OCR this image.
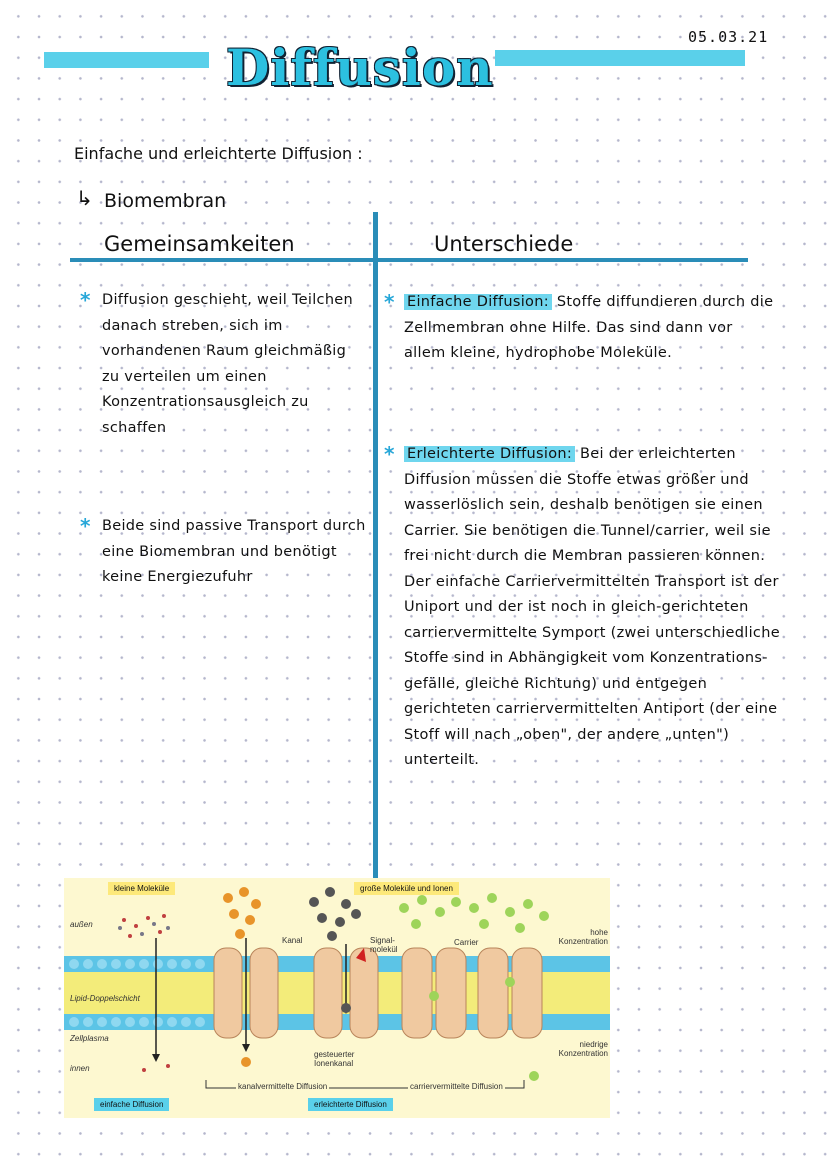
Diffusion
05.03.21
Einfache und erleichterte Diffusion :
↳ Biomembran
Gemeinsamkeiten	Unterschiede
* Diffusion geschieht, weil Teilchen danach streben, sich im vorhandenen Raum gleichmäßig zu verteilen um einen Konzentrationsausgleich zu schaffen
* Beide sind passive Transport durch eine Biomembran und benötigt keine Energiezufuhr
* Einfache Diffusion: Stoffe diffundieren durch die Zellmembran ohne Hilfe. Das sind dann vor allem kleine, hydrophobe Moleküle.
* Erleichterte Diffusion: Bei der erleichterten Diffusion müssen die Stoffe etwas größer und wasserlöslich sein, deshalb benötigen sie einen Carrier. Sie benötigen die Tunnel/carrier, weil sie frei nicht durch die Membran passieren können. Der einfache Carriervermittelten Transport ist der Uniport und der ist noch in gleich-gerichteten carriervermittelte Symport (zwei unterschiedliche Stoffe sind in Abhängigkeit vom Konzentrations-gefälle, gleiche Richtung) und entgegen gerichteten carriervermittelten Antiport (der eine Stoff will nach „oben", der andere „unten") unterteilt.
kleine Moleküle	große Moleküle und Ionen
außen
Lipid-Doppelschicht
Zellplasma
innen
Kanal	Signal-molekül
Carrier
hohe Konzentration
niedrige Konzentration
gesteuerter Ionenkanal
kanalvermittelte Diffusion	carriervermittelte Diffusion
einfache Diffusion	erleichterte Diffusion
